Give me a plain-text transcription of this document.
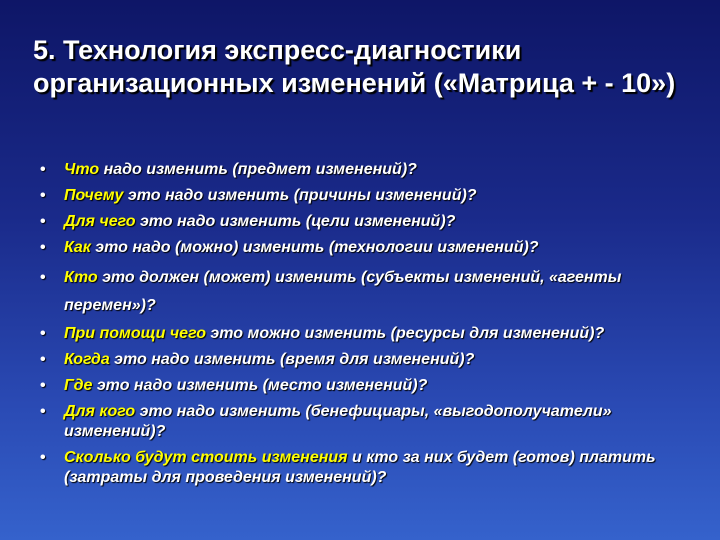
5. Технология экспресс-диагностики организационных изменений («Матрица + - 10»)
• Что надо изменить (предмет изменений)?
• Почему это надо изменить (причины изменений)?
• Для чего это надо изменить (цели изменений)?
• Как это надо (можно) изменить (технологии изменений)?
• Кто это должен (может) изменить (субъекты изменений, «агенты перемен»)?
• При помощи чего это можно изменить (ресурсы для изменений)?
• Когда это надо изменить (время для изменений)?
• Где это надо изменить (место изменений)?
• Для кого это надо изменить (бенефициары, «выгодополучатели» изменений)?
• Сколько будут стоить изменения и кто за них будет (готов) платить (затраты для проведения изменений)?
